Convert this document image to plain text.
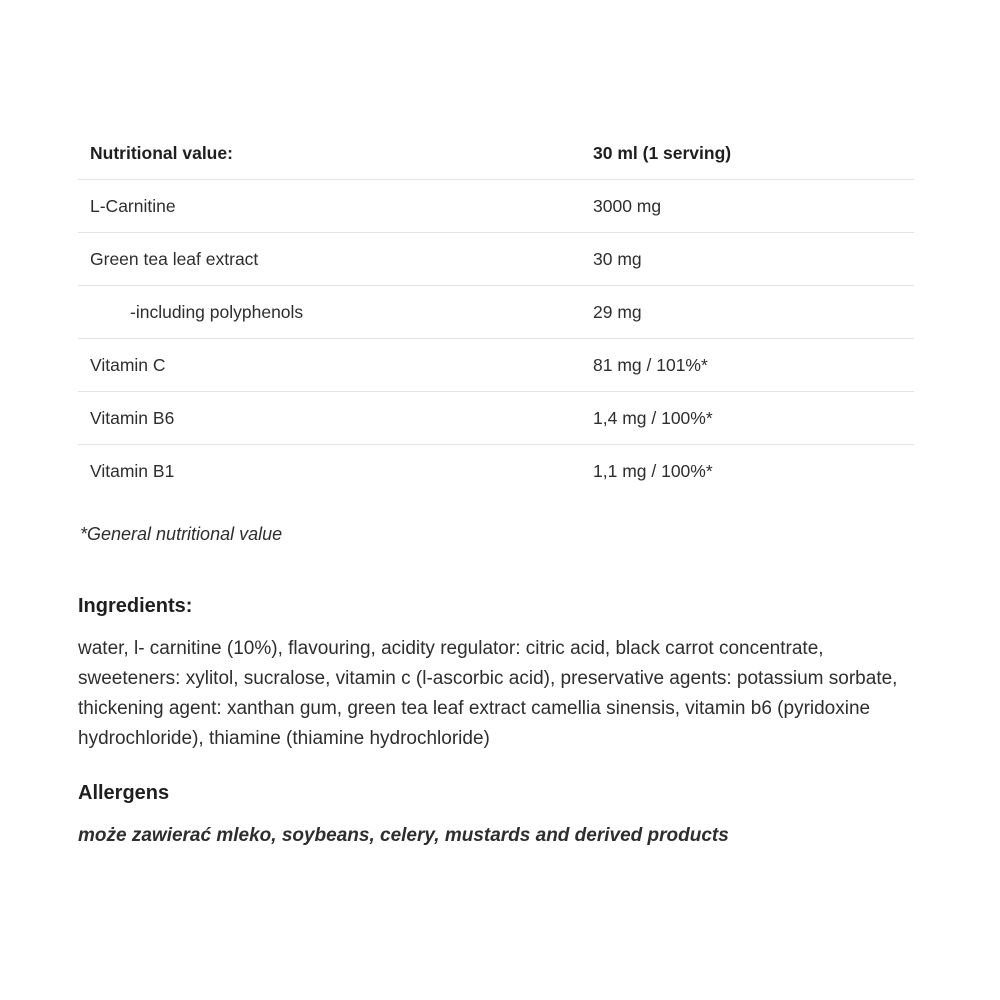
Nutritional value:	30 ml (1 serving)
L-Carnitine	3000 mg
Green tea leaf extract	30 mg
-including polyphenols	29 mg
Vitamin C	81 mg / 101%*
Vitamin B6	1,4 mg / 100%*
Vitamin B1	1,1 mg / 100%*
*General nutritional value
Ingredients:
water, l- carnitine (10%), flavouring, acidity regulator: citric acid, black carrot concentrate, sweeteners: xylitol, sucralose, vitamin c (l-ascorbic acid), preservative agents: potassium sorbate, thickening agent: xanthan gum, green tea leaf extract camellia sinensis, vitamin b6 (pyridoxine hydrochloride), thiamine (thiamine hydrochloride)
Allergens
może zawierać mleko, soybeans, celery, mustards and derived products
